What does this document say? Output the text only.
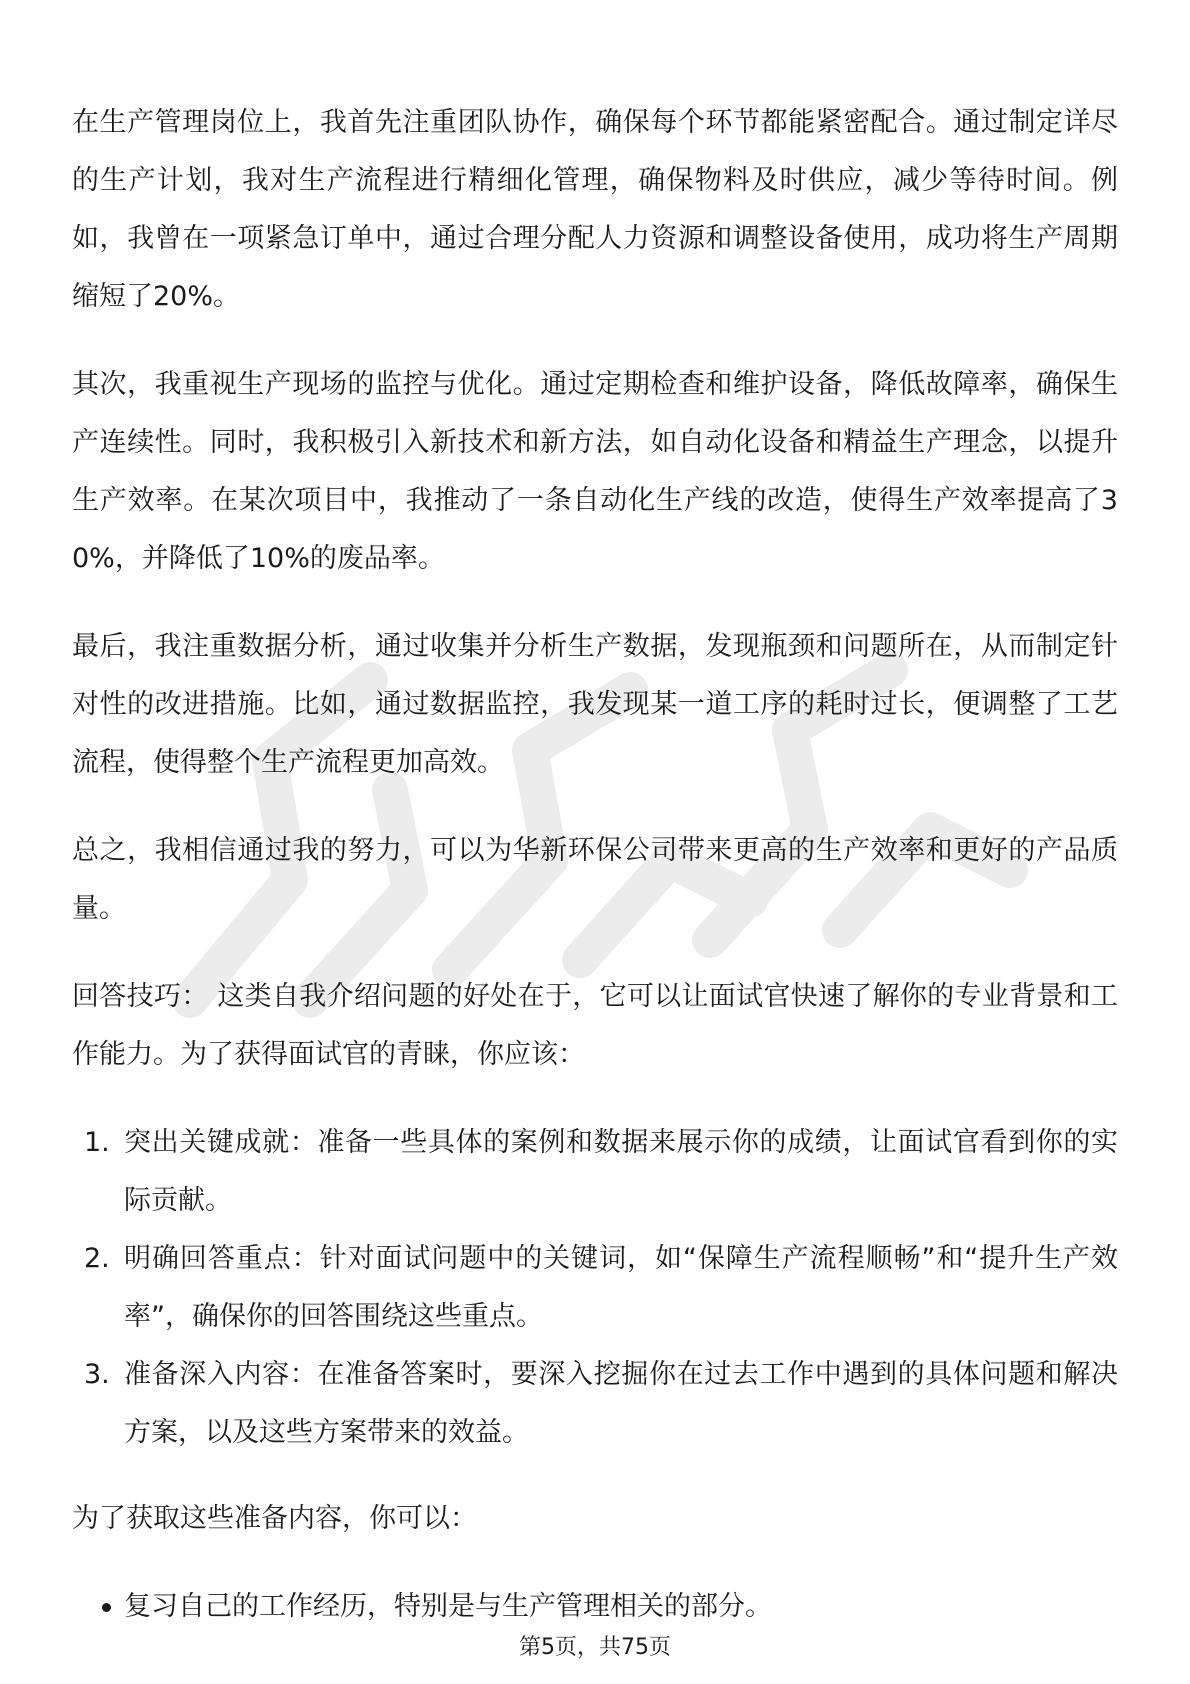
在生产管理岗位上，我首先注重团队协作，确保每个环节都能紧密配合。通过制定详尽的生产计划，我对生产流程进行精细化管理，确保物料及时供应，减少等待时间。例如，我曾在一项紧急订单中，通过合理分配人力资源和调整设备使用，成功将生产周期缩短了20%。

其次，我重视生产现场的监控与优化。通过定期检查和维护设备，降低故障率，确保生产连续性。同时，我积极引入新技术和新方法，如自动化设备和精益生产理念，以提升生产效率。在某次项目中，我推动了一条自动化生产线的改造，使得生产效率提高了30%，并降低了10%的废品率。

最后，我注重数据分析，通过收集并分析生产数据，发现瓶颈和问题所在，从而制定针对性的改进措施。比如，通过数据监控，我发现某一道工序的耗时过长，便调整了工艺流程，使得整个生产流程更加高效。

总之，我相信通过我的努力，可以为华新环保公司带来更高的生产效率和更好的产品质量。

回答技巧： 这类自我介绍问题的好处在于，它可以让面试官快速了解你的专业背景和工作能力。为了获得面试官的青睐，你应该：

1. 突出关键成就：准备一些具体的案例和数据来展示你的成绩，让面试官看到你的实际贡献。
2. 明确回答重点：针对面试问题中的关键词，如“保障生产流程顺畅”和“提升生产效率”，确保你的回答围绕这些重点。
3. 准备深入内容：在准备答案时，要深入挖掘你在过去工作中遇到的具体问题和解决方案，以及这些方案带来的效益。

为了获取这些准备内容，你可以：

复习自己的工作经历，特别是与生产管理相关的部分。
第5页，共75页
